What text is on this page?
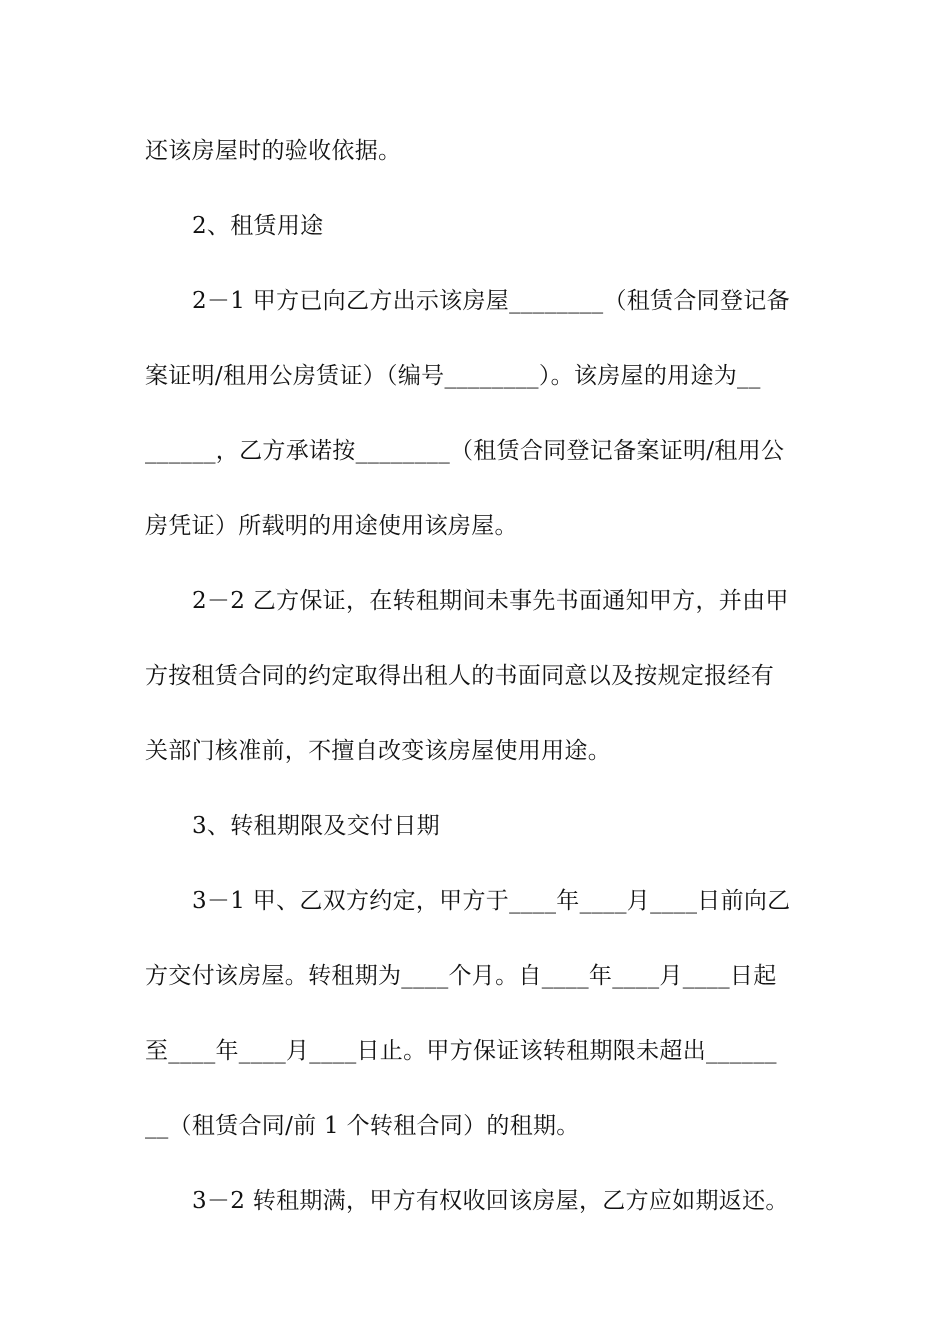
还该房屋时的验收依据。
2、租赁用途
2－1 甲方已向乙方出示该房屋________（租赁合同登记备
案证明/租用公房赁证）（编号________）。该房屋的用途为__
______，乙方承诺按________（租赁合同登记备案证明/租用公
房凭证）所载明的用途使用该房屋。
2－2 乙方保证，在转租期间未事先书面通知甲方，并由甲
方按租赁合同的约定取得出租人的书面同意以及按规定报经有
关部门核准前，不擅自改变该房屋使用用途。
3、转租期限及交付日期
3－1 甲、乙双方约定，甲方于____年____月____日前向乙
方交付该房屋。转租期为____个月。自____年____月____日起
至____年____月____日止。甲方保证该转租期限未超出______
__（租赁合同/前 1 个转租合同）的租期。
3－2 转租期满，甲方有权收回该房屋，乙方应如期返还。
